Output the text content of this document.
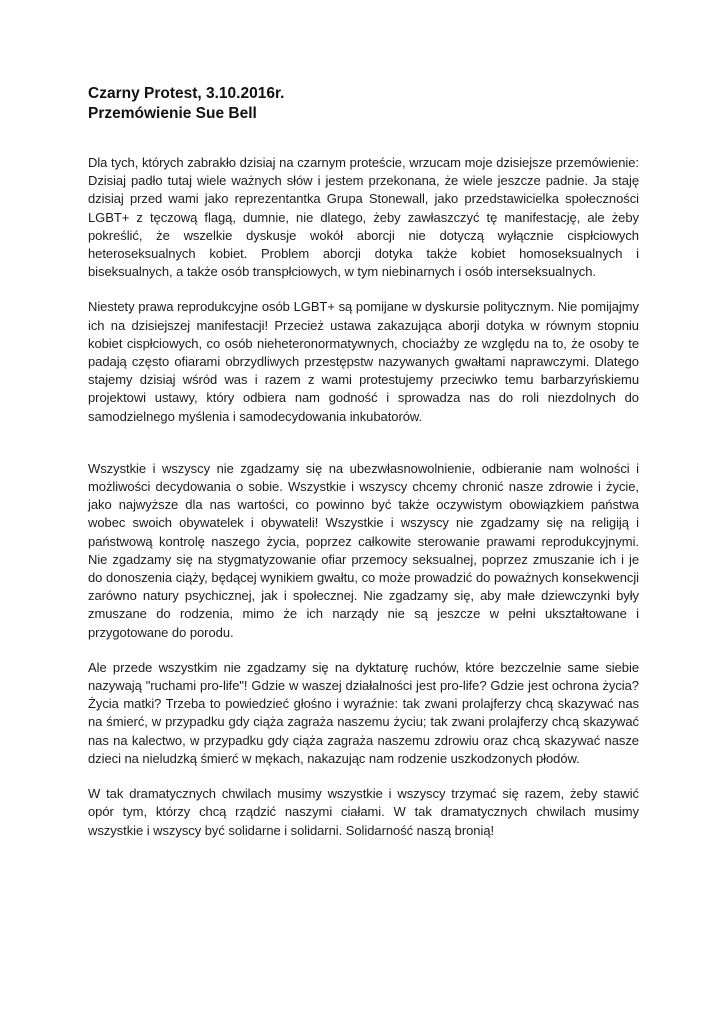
Czarny Protest, 3.10.2016r.
Przemówienie Sue Bell

Dla tych, których zabrakło dzisiaj na czarnym proteście, wrzucam moje dzisiejsze przemówienie: Dzisiaj padło tutaj wiele ważnych słów i jestem przekonana, że wiele jeszcze padnie. Ja staję dzisiaj przed wami jako reprezentantka Grupa Stonewall, jako przedstawicielka społeczności LGBT+ z tęczową flagą, dumnie, nie dlatego, żeby zawłaszczyć tę manifestację, ale żeby pokreślić, że wszelkie dyskusje wokół aborcji nie dotyczą wyłącznie cispłciowych heteroseksualnych kobiet. Problem aborcji dotyka także kobiet homoseksualnych i biseksualnych, a także osób transpłciowych, w tym niebinarnych i osób interseksualnych.

Niestety prawa reprodukcyjne osób LGBT+ są pomijane w dyskursie politycznym. Nie pomijajmy ich na dzisiejszej manifestacji! Przecież ustawa zakazująca aborji dotyka w równym stopniu kobiet cispłciowych, co osób nieheteronormatywnych, chociażby ze względu na to, że osoby te padają często ofiarami obrzydliwych przestępstw nazywanych gwałtami naprawczymi. Dlatego stajemy dzisiaj wśród was i razem z wami protestujemy przeciwko temu barbarzyńskiemu projektowi ustawy, który odbiera nam godność i sprowadza nas do roli niezdolnych do samodzielnego myślenia i samodecydowania inkubatorów.

Wszystkie i wszyscy nie zgadzamy się na ubezwłasnowolnienie, odbieranie nam wolności i możliwości decydowania o sobie. Wszystkie i wszyscy chcemy chronić nasze zdrowie i życie, jako najwyższe dla nas wartości, co powinno być także oczywistym obowiązkiem państwa wobec swoich obywatelek i obywateli! Wszystkie i wszyscy nie zgadzamy się na religiją i państwową kontrolę naszego życia, poprzez całkowite sterowanie prawami reprodukcyjnymi. Nie zgadzamy się na stygmatyzowanie ofiar przemocy seksualnej, poprzez zmuszanie ich i je do donoszenia ciąży, będącej wynikiem gwałtu, co może prowadzić do poważnych konsekwencji zarówno natury psychicznej, jak i społecznej. Nie zgadzamy się, aby małe dziewczynki były zmuszane do rodzenia, mimo że ich narządy nie są jeszcze w pełni ukształtowane i przygotowane do porodu.

Ale przede wszystkim nie zgadzamy się na dyktaturę ruchów, które bezczelnie same siebie nazywają "ruchami pro-life"! Gdzie w waszej działalności jest pro-life? Gdzie jest ochrona życia? Życia matki? Trzeba to powiedzieć głośno i wyraźnie: tak zwani prolajferzy chcą skazywać nas na śmierć, w przypadku gdy ciąża zagraża naszemu życiu; tak zwani prolajferzy chcą skazywać nas na kalectwo, w przypadku gdy ciąża zagraża naszemu zdrowiu oraz chcą skazywać nasze dzieci na nieludzką śmierć w mękach, nakazując nam rodzenie uszkodzonych płodów.

W tak dramatycznych chwilach musimy wszystkie i wszyscy trzymać się razem, żeby stawić opór tym, którzy chcą rządzić naszymi ciałami. W tak dramatycznych chwilach musimy wszystkie i wszyscy być solidarne i solidarni. Solidarność naszą bronią!
